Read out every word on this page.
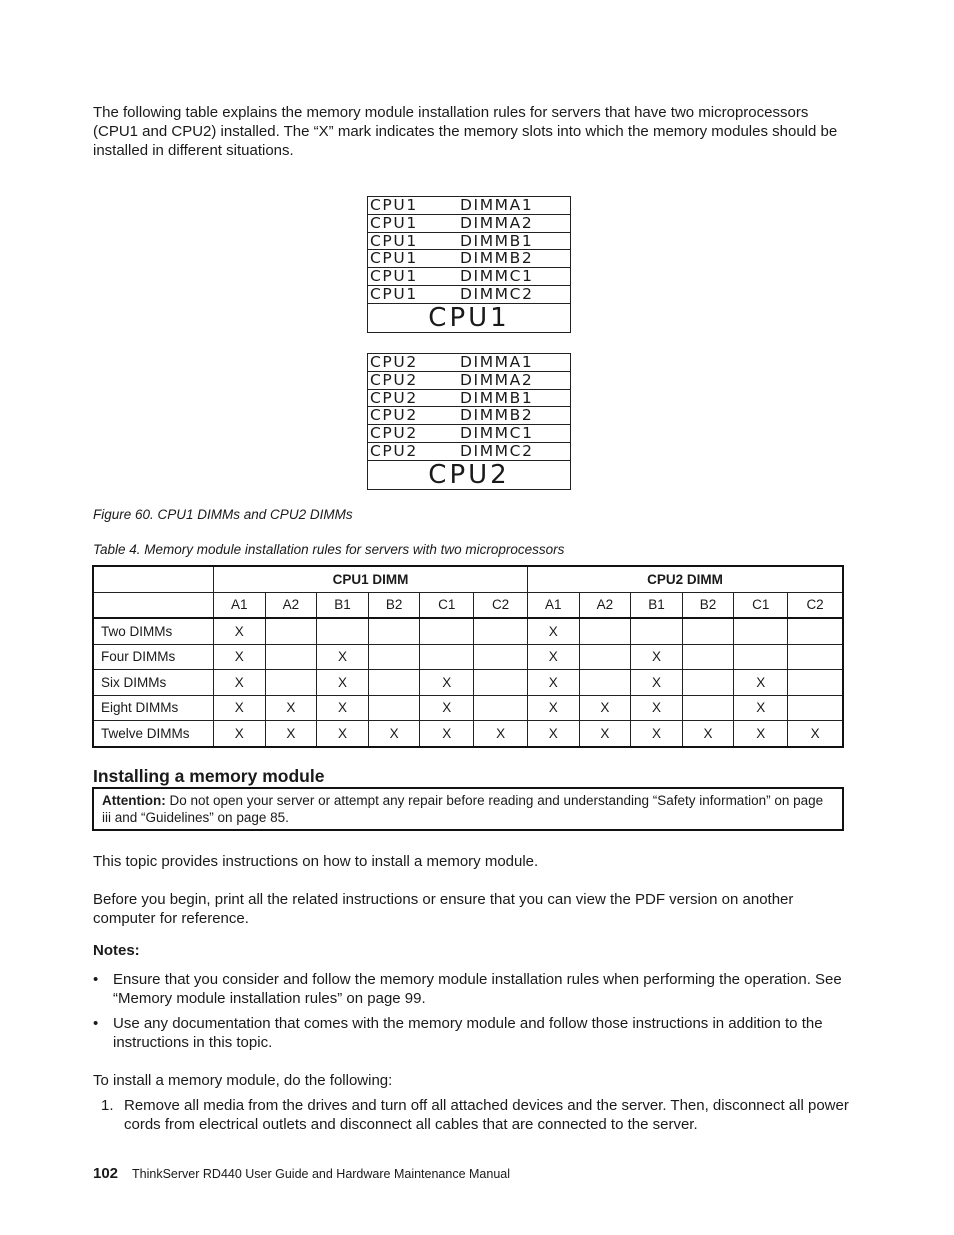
The following table explains the memory module installation rules for servers that have two microprocessors (CPU1 and CPU2) installed. The “X” mark indicates the memory slots into which the memory modules should be installed in different situations.
CPU1	DIMMA1
CPU1	DIMMA2
CPU1	DIMMB1
CPU1	DIMMB2
CPU1	DIMMC1
CPU1	DIMMC2
CPU1
CPU2	DIMMA1
CPU2	DIMMA2
CPU2	DIMMB1
CPU2	DIMMB2
CPU2	DIMMC1
CPU2	DIMMC2
CPU2
Figure 60. CPU1 DIMMs and CPU2 DIMMs
Table 4. Memory module installation rules for servers with two microprocessors
	CPU1 DIMM						CPU2 DIMM					
	A1	A2	B1	B2	C1	C2	A1	A2	B1	B2	C1	C2
Two DIMMs	X						X					
Four DIMMs	X		X				X		X			
Six DIMMs	X		X		X		X		X		X	
Eight DIMMs	X	X	X		X		X	X	X		X	
Twelve DIMMs	X	X	X	X	X	X	X	X	X	X	X	X
Installing a memory module
Attention: Do not open your server or attempt any repair before reading and understanding “Safety information” on page iii and “Guidelines” on page 85.
This topic provides instructions on how to install a memory module.
Before you begin, print all the related instructions or ensure that you can view the PDF version on another computer for reference.
Notes:
• Ensure that you consider and follow the memory module installation rules when performing the operation. See “Memory module installation rules” on page 99.
• Use any documentation that comes with the memory module and follow those instructions in addition to the instructions in this topic.
To install a memory module, do the following:
1. Remove all media from the drives and turn off all attached devices and the server. Then, disconnect all power cords from electrical outlets and disconnect all cables that are connected to the server.
102 ThinkServer RD440 User Guide and Hardware Maintenance Manual
